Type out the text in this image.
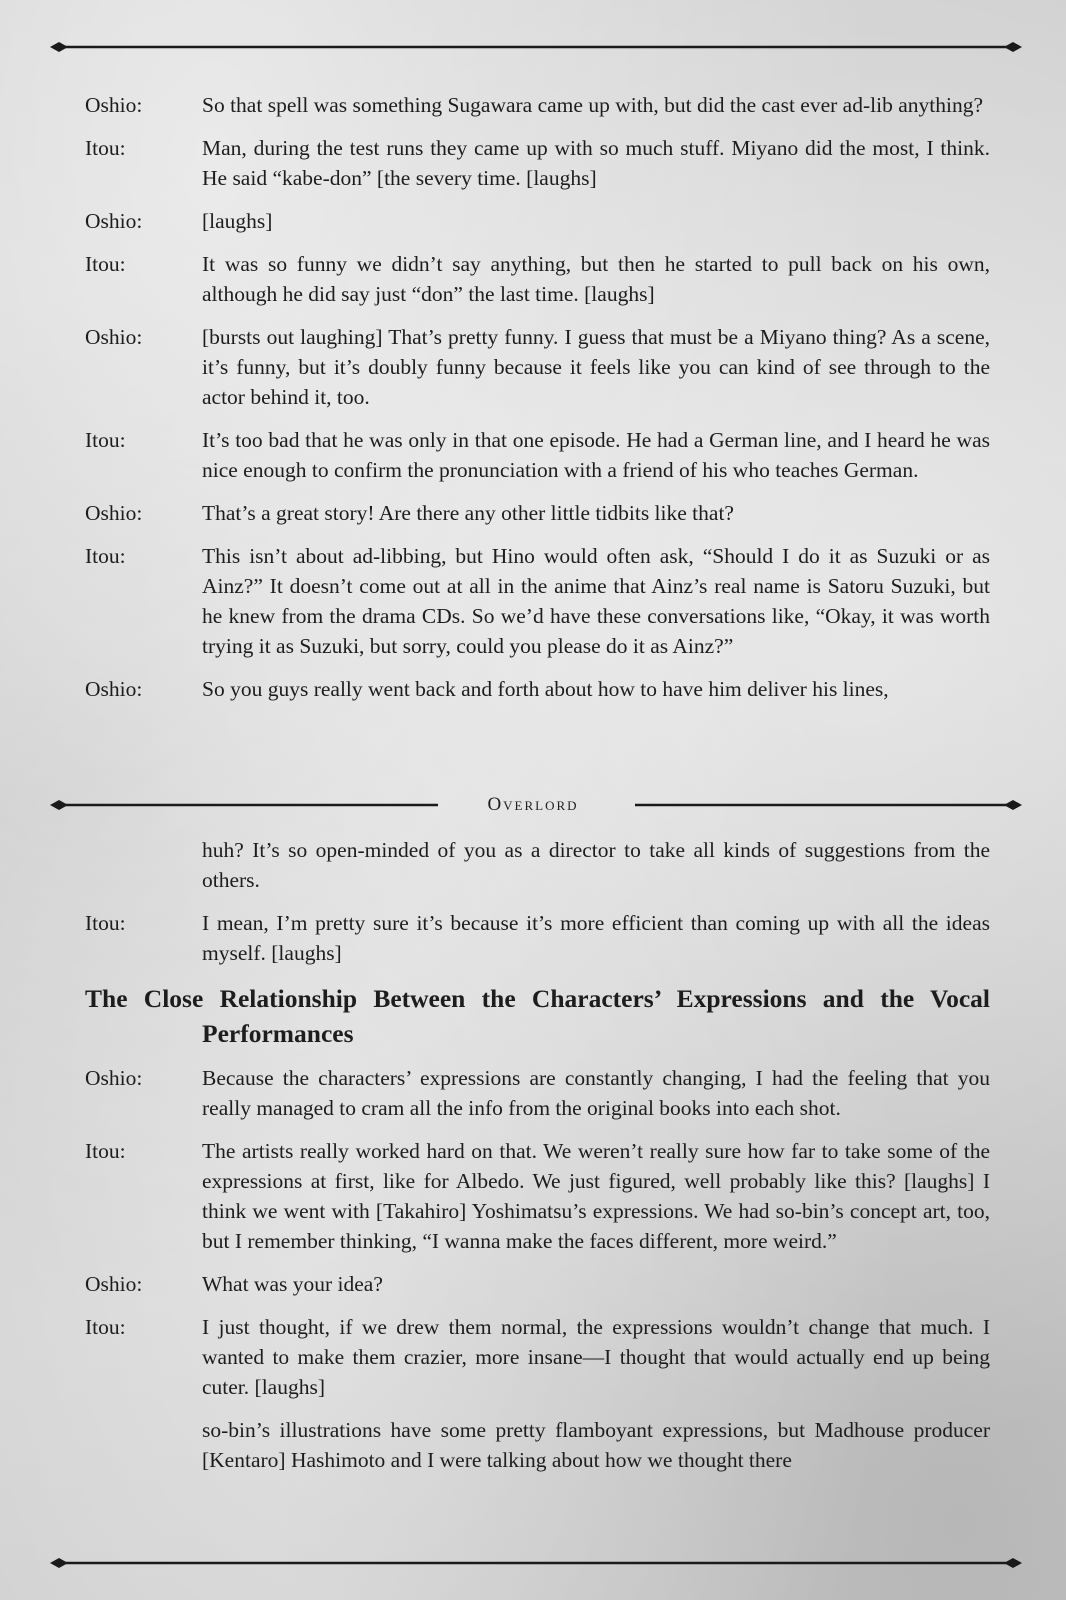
Oshio:	So that spell was something Sugawara came up with, but did the cast ever ad-lib anything?
Itou:	Man, during the test runs they came up with so much stuff. Miyano did the most, I think. He said “kabe-don” [the severy time. [laughs]
Oshio:	[laughs]
Itou:	It was so funny we didn’t say anything, but then he started to pull back on his own, although he did say just “don” the last time. [laughs]
Oshio:	[bursts out laughing] That’s pretty funny. I guess that must be a Miyano thing? As a scene, it’s funny, but it’s doubly funny because it feels like you can kind of see through to the actor behind it, too.
Itou:	It’s too bad that he was only in that one episode. He had a German line, and I heard he was nice enough to confirm the pronunciation with a friend of his who teaches German.
Oshio:	That’s a great story! Are there any other little tidbits like that?
Itou:	This isn’t about ad-libbing, but Hino would often ask, “Should I do it as Suzuki or as Ainz?” It doesn’t come out at all in the anime that Ainz’s real name is Satoru Suzuki, but he knew from the drama CDs. So we’d have these conversations like, “Okay, it was worth trying it as Suzuki, but sorry, could you please do it as Ainz?”
Oshio:	So you guys really went back and forth about how to have him deliver his lines,
Overlord
huh? It’s so open-minded of you as a director to take all kinds of suggestions from the others.
Itou:	I mean, I’m pretty sure it’s because it’s more efficient than coming up with all the ideas myself. [laughs]
The Close Relationship Between the Characters’ Expressions and the Vocal Performances
Oshio:	Because the characters’ expressions are constantly changing, I had the feeling that you really managed to cram all the info from the original books into each shot.
Itou:	The artists really worked hard on that. We weren’t really sure how far to take some of the expressions at first, like for Albedo. We just figured, well probably like this? [laughs] I think we went with [Takahiro] Yoshimatsu’s expressions. We had so-bin’s concept art, too, but I remember thinking, “I wanna make the faces different, more weird.”
Oshio:	What was your idea?
Itou:	I just thought, if we drew them normal, the expressions wouldn’t change that much. I wanted to make them crazier, more insane—I thought that would actually end up being cuter. [laughs]
so-bin’s illustrations have some pretty flamboyant expressions, but Madhouse producer [Kentaro] Hashimoto and I were talking about how we thought there
